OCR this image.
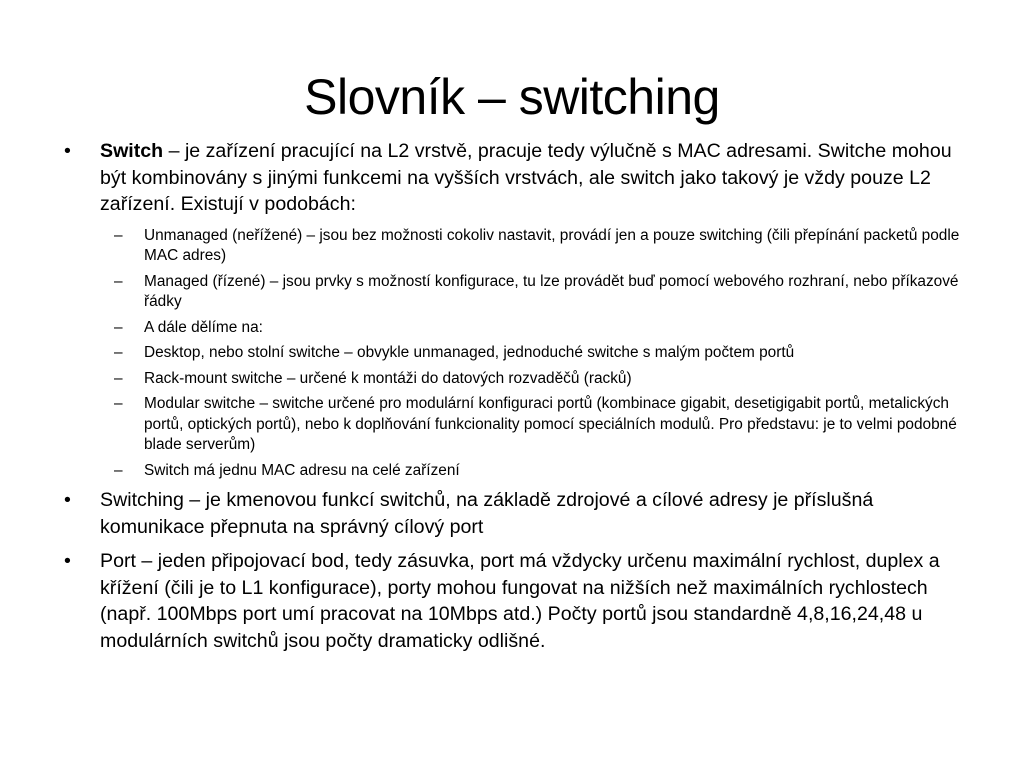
Slovník – switching
• Switch – je zařízení pracující na L2 vrstvě, pracuje tedy výlučně s MAC adresami. Switche mohou být kombinovány s jinými funkcemi na vyšších vrstvách, ale switch jako takový je vždy pouze L2 zařízení. Existují v podobách:
– Unmanaged (neřížené) – jsou bez možnosti cokoliv nastavit, provádí jen a pouze switching (čili přepínání packetů podle MAC adres)
– Managed (řízené) – jsou prvky s možností konfigurace, tu lze provádět buď pomocí webového rozhraní, nebo příkazové řádky
– A dále dělíme na:
– Desktop, nebo stolní switche – obvykle unmanaged, jednoduché switche s malým počtem portů
– Rack-mount switche – určené k montáži do datových rozvaděčů (racků)
– Modular switche – switche určené pro modulární konfiguraci portů (kombinace gigabit, desetigigabit portů, metalických portů, optických portů), nebo k doplňování funkcionality pomocí speciálních modulů. Pro představu: je to velmi podobné blade serverům)
– Switch má jednu MAC adresu na celé zařízení
• Switching – je kmenovou funkcí switchů, na základě zdrojové a cílové adresy je příslušná komunikace přepnuta na správný cílový port
• Port – jeden připojovací bod, tedy zásuvka, port má vždycky určenu maximální rychlost, duplex a křížení (čili je to L1 konfigurace), porty mohou fungovat na nižších než maximálních rychlostech (např. 100Mbps port umí pracovat na 10Mbps atd.) Počty portů jsou standardně 4,8,16,24,48 u modulárních switchů jsou počty dramaticky odlišné.
